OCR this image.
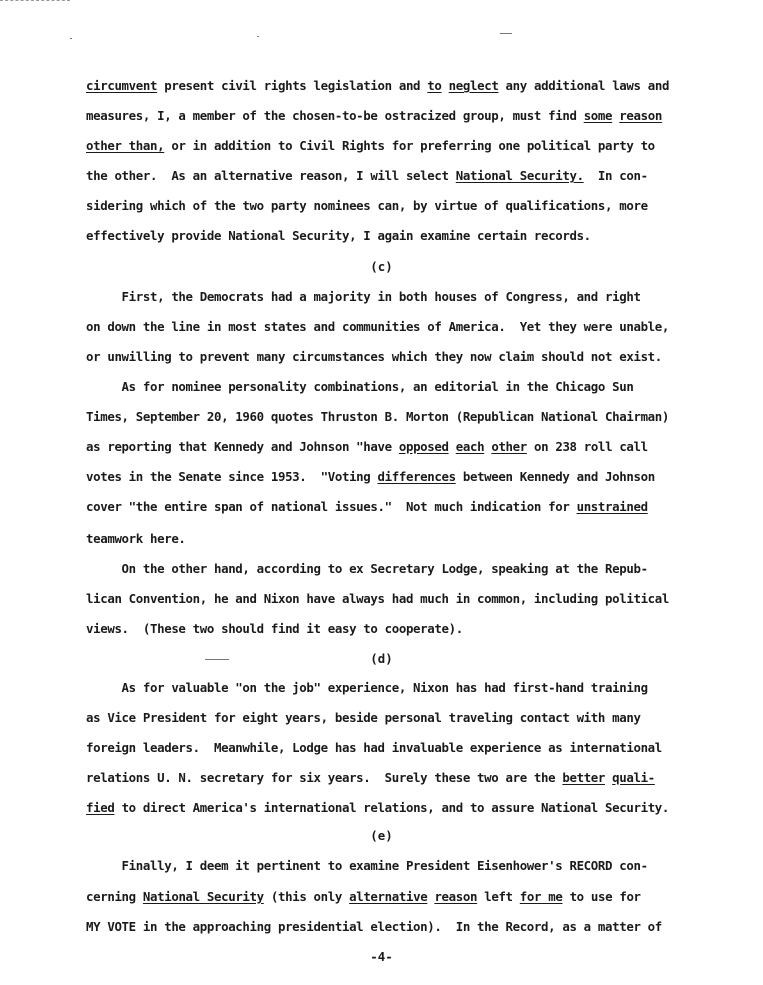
circumvent present civil rights legislation and to neglect any additional laws and
measures, I, a member of the chosen-to-be ostracized group, must find some reason
other than, or in addition to Civil Rights for preferring one political party to
the other.  As an alternative reason, I will select National Security.  In con-
sidering which of the two party nominees can, by virtue of qualifications, more
effectively provide National Security, I again examine certain records.
First, the Democrats had a majority in both houses of Congress, and right
on down the line in most states and communities of America.  Yet they were unable,
or unwilling to prevent many circumstances which they now claim should not exist.
As for nominee personality combinations, an editorial in the Chicago Sun
Times, September 20, 1960 quotes Thruston B. Morton (Republican National Chairman)
as reporting that Kennedy and Johnson "have opposed each other on 238 roll call
votes in the Senate since 1953.  "Voting differences between Kennedy and Johnson
cover "the entire span of national issues."  Not much indication for unstrained
teamwork here.
On the other hand, according to ex Secretary Lodge, speaking at the Repub-
lican Convention, he and Nixon have always had much in common, including political
views.  (These two should find it easy to cooperate).
As for valuable "on the job" experience, Nixon has had first-hand training
as Vice President for eight years, beside personal traveling contact with many
foreign leaders.  Meanwhile, Lodge has had invaluable experience as international
relations U. N. secretary for six years.  Surely these two are the better quali-
fied to direct America's international relations, and to assure National Security.
Finally, I deem it pertinent to examine President Eisenhower's RECORD con-
cerning National Security (this only alternative reason left for me to use for
MY VOTE in the approaching presidential election).  In the Record, as a matter of
(c)
(d)
(e)
-4-
